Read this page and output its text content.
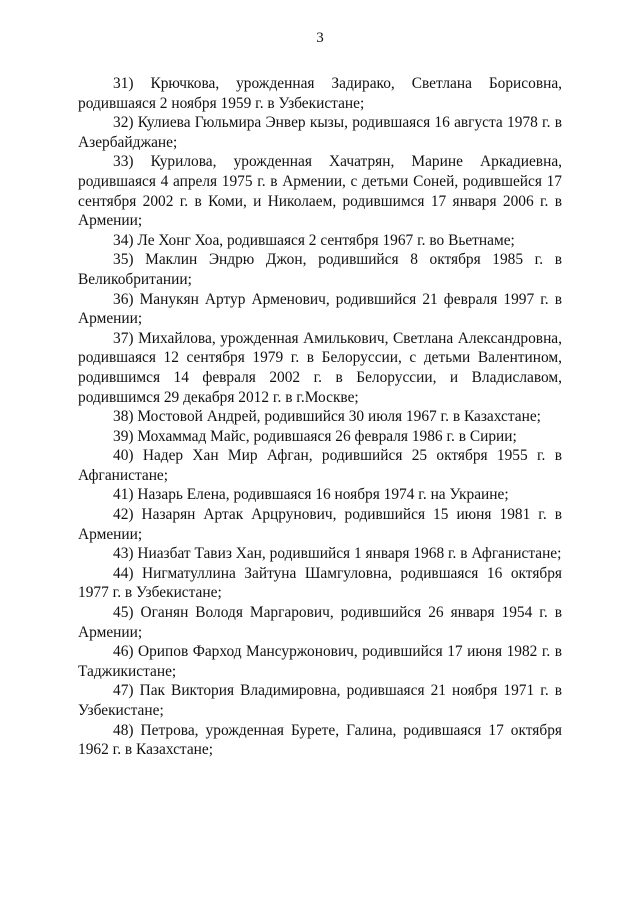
3

31) Крючкова, урожденная Задирако, Светлана Борисовна, родившаяся 2 ноября 1959 г. в Узбекистане;

32) Кулиева Гюльмира Энвер кызы, родившаяся 16 августа 1978 г. в Азербайджане;

33) Курилова, урожденная Хачатрян, Марине Аркадиевна, родившаяся 4 апреля 1975 г. в Армении, с детьми Соней, родившейся 17 сентября 2002 г. в Коми, и Николаем, родившимся 17 января 2006 г. в Армении;

34) Ле Хонг Хоа, родившаяся 2 сентября 1967 г. во Вьетнаме;

35) Маклин Эндрю Джон, родившийся 8 октября 1985 г. в Великобритании;

36) Манукян Артур Арменович, родившийся 21 февраля 1997 г. в Армении;

37) Михайлова, урожденная Амилькович, Светлана Александровна, родившаяся 12 сентября 1979 г. в Белоруссии, с детьми Валентином, родившимся 14 февраля 2002 г. в Белоруссии, и Владиславом, родившимся 29 декабря 2012 г. в г.Москве;

38) Мостовой Андрей, родившийся 30 июля 1967 г. в Казахстане;

39) Мохаммад Майс, родившаяся 26 февраля 1986 г. в Сирии;

40) Надер Хан Мир Афган, родившийся 25 октября 1955 г. в Афганистане;

41) Назарь Елена, родившаяся 16 ноября 1974 г. на Украине;

42) Назарян Артак Арцрунович, родившийся 15 июня 1981 г. в Армении;

43) Ниазбат Тавиз Хан, родившийся 1 января 1968 г. в Афганистане;

44) Нигматуллина Зайтуна Шамгуловна, родившаяся 16 октября 1977 г. в Узбекистане;

45) Оганян Володя Маргарович, родившийся 26 января 1954 г. в Армении;

46) Орипов Фарход Мансуржонович, родившийся 17 июня 1982 г. в Таджикистане;

47) Пак Виктория Владимировна, родившаяся 21 ноября 1971 г. в Узбекистане;

48) Петрова, урожденная Бурете, Галина, родившаяся 17 октября 1962 г. в Казахстане;
